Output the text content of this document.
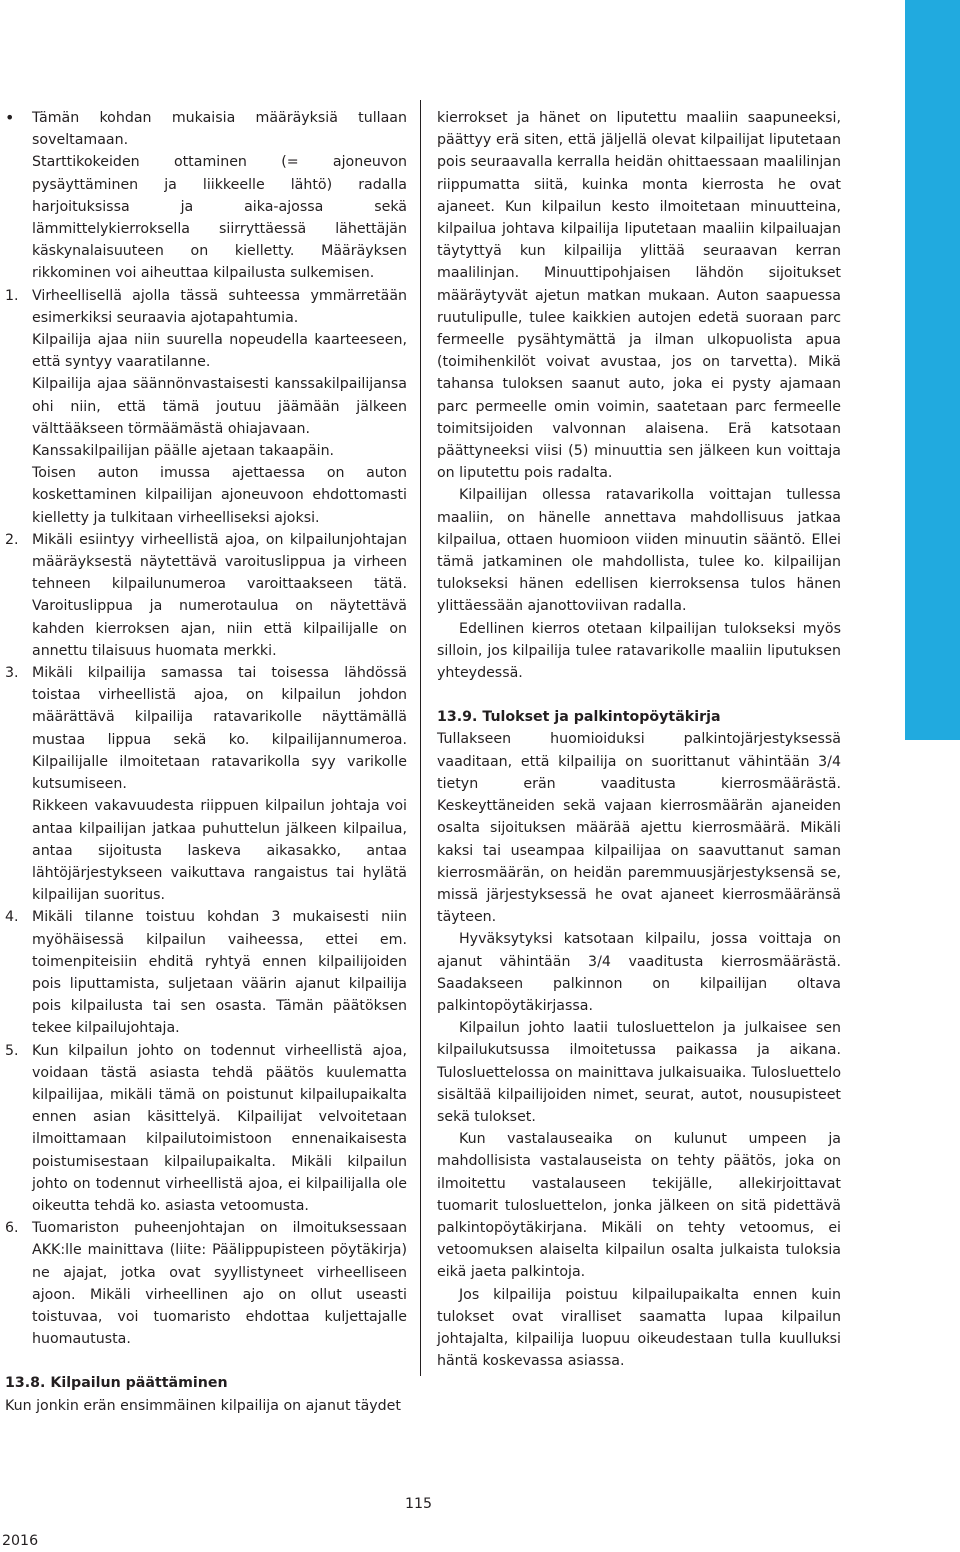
• Tämän kohdan mukaisia määräyksiä tullaan soveltamaan.

Starttikokeiden ottaminen (= ajoneuvon pysäyttäminen ja liikkeelle lähtö) radalla harjoituksissa ja aika-ajossa sekä lämmittelykierroksella siirryttäessä lähettäjän käskynalaisuuteen on kielletty. Määräyksen rikkominen voi aiheuttaa kilpailusta sulkemisen.

1. Virheellisellä ajolla tässä suhteessa ymmärretään esimerkiksi seuraavia ajotapahtumia.

Kilpailija ajaa niin suurella nopeudella kaarteeseen, että syntyy vaaratilanne.

Kilpailija ajaa säännönvastaisesti kanssakilpailijansa ohi niin, että tämä joutuu jäämään jälkeen välttääkseen törmäämästä ohiajavaan.

Kanssakilpailijan päälle ajetaan takaapäin.

Toisen auton imussa ajettaessa on auton koskettaminen kilpailijan ajoneuvoon ehdottomasti kielletty ja tulkitaan virheelliseksi ajoksi.

2. Mikäli esiintyy virheellistä ajoa, on kilpailunjohtajan määräyksestä näytettävä varoituslippua ja virheen tehneen kilpailunumeroa varoittaakseen tätä. Varoituslippua ja numerotaulua on näytettävä kahden kierroksen ajan, niin että kilpailijalle on annettu tilaisuus huomata merkki.

3. Mikäli kilpailija samassa tai toisessa lähdössä toistaa virheellistä ajoa, on kilpailun johdon määrättävä kilpailija ratavarikolle näyttämällä mustaa lippua sekä ko. kilpailijannumeroa. Kilpailijalle ilmoitetaan ratavarikolla syy varikolle kutsumiseen.

Rikkeen vakavuudesta riippuen kilpailun johtaja voi antaa kilpailijan jatkaa puhuttelun jälkeen kilpailua, antaa sijoitusta laskeva aikasakko, antaa lähtöjärjestykseen vaikuttava rangaistus tai hylätä kilpailijan suoritus.

4. Mikäli tilanne toistuu kohdan 3 mukaisesti niin myöhäisessä kilpailun vaiheessa, ettei em. toimenpiteisiin ehditä ryhtyä ennen kilpailijoiden pois liputtamista, suljetaan väärin ajanut kilpailija pois kilpailusta tai sen osasta. Tämän päätöksen tekee kilpailujohtaja.

5. Kun kilpailun johto on todennut virheellistä ajoa, voidaan tästä asiasta tehdä päätös kuulematta kilpailijaa, mikäli tämä on poistunut kilpailupaikalta ennen asian käsittelyä. Kilpailijat velvoitetaan ilmoittamaan kilpailutoimistoon ennenaikaisesta poistumisestaan kilpailupaikalta. Mikäli kilpailun johto on todennut virheellistä ajoa, ei kilpailijalla ole oikeutta tehdä ko. asiasta vetoomusta.

6. Tuomariston puheenjohtajan on ilmoituksessaan AKK:lle mainittava (liite: Päälippupisteen pöytäkirja) ne ajajat, jotka ovat syyllistyneet virheelliseen ajoon. Mikäli virheellinen ajo on ollut useasti toistuvaa, voi tuomaristo ehdottaa kuljettajalle huomautusta.

13.8. Kilpailun päättäminen

Kun jonkin erän ensimmäinen kilpailija on ajanut täydet

kierrokset ja hänet on liputettu maaliin saapuneeksi, päättyy erä siten, että jäljellä olevat kilpailijat liputetaan pois seuraavalla kerralla heidän ohittaessaan maalilinjan riippumatta siitä, kuinka monta kierrosta he ovat ajaneet. Kun kilpailun kesto ilmoitetaan minuutteina, kilpailua johtava kilpailija liputetaan maaliin kilpailuajan täytyttyä kun kilpailija ylittää seuraavan kerran maalilinjan. Minuuttipohjaisen lähdön sijoitukset määräytyvät ajetun matkan mukaan. Auton saapuessa ruutulipulle, tulee kaikkien autojen edetä suoraan parc fermeelle pysähtymättä ja ilman ulkopuolista apua (toimihenkilöt voivat avustaa, jos on tarvetta). Mikä tahansa tuloksen saanut auto, joka ei pysty ajamaan parc permeelle omin voimin, saatetaan parc fermeelle toimitsijoiden valvonnan alaisena. Erä katsotaan päättyneeksi viisi (5) minuuttia sen jälkeen kun voittaja on liputettu pois radalta.

Kilpailijan ollessa ratavarikolla voittajan tullessa maaliin, on hänelle annettava mahdollisuus jatkaa kilpailua, ottaen huomioon viiden minuutin sääntö. Ellei tämä jatkaminen ole mahdollista, tulee ko. kilpailijan tulokseksi hänen edellisen kierroksensa tulos hänen ylittäessään ajanottoviivan radalla.

Edellinen kierros otetaan kilpailijan tulokseksi myös silloin, jos kilpailija tulee ratavarikolle maaliin liputuksen yhteydessä.

13.9. Tulokset ja palkintopöytäkirja

Tullakseen huomioiduksi palkintojärjestyksessä vaaditaan, että kilpailija on suorittanut vähintään 3/4 tietyn erän vaaditusta kierrosmäärästä. Keskeyttäneiden sekä vajaan kierrosmäärän ajaneiden osalta sijoituksen määrää ajettu kierrosmäärä. Mikäli kaksi tai useampaa kilpailijaa on saavuttanut saman kierrosmäärän, on heidän paremmuusjärjestyksensä se, missä järjestyksessä he ovat ajaneet kierrosmääränsä täyteen.

Hyväksytyksi katsotaan kilpailu, jossa voittaja on ajanut vähintään 3/4 vaaditusta kierrosmäärästä. Saadakseen palkinnon on kilpailijan oltava palkintopöytäkirjassa.

Kilpailun johto laatii tulosluettelon ja julkaisee sen kilpailukutsussa ilmoitetussa paikassa ja aikana. Tulosluettelossa on mainittava julkaisuaika. Tulosluettelo sisältää kilpailijoiden nimet, seurat, autot, nousupisteet sekä tulokset.

Kun vastalauseaika on kulunut umpeen ja mahdollisista vastalauseista on tehty päätös, joka on ilmoitettu vastalauseen tekijälle, allekirjoittavat tuomarit tulosluettelon, jonka jälkeen on sitä pidettävä palkintopöytäkirjana. Mikäli on tehty vetoomus, ei vetoomuksen alaiselta kilpailun osalta julkaista tuloksia eikä jaeta palkintoja.

Jos kilpailija poistuu kilpailupaikalta ennen kuin tulokset ovat viralliset saamatta lupaa kilpailun johtajalta, kilpailija luopuu oikeudestaan tulla kuulluksi häntä koskevassa asiassa.

115
2016
